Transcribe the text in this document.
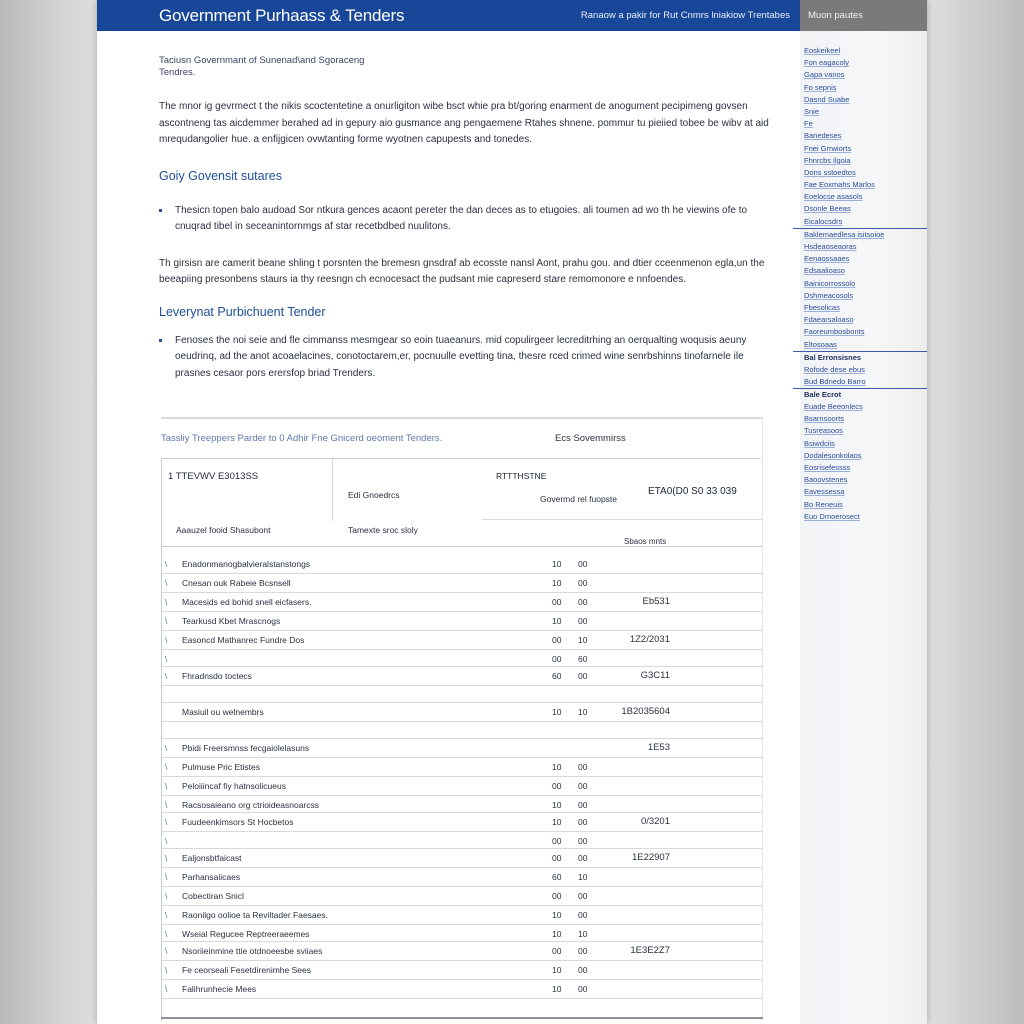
Government Purhaass & Tenders	Ranaow a pakir for Rut Cnmrs lniakiow Trentabes Muon pautes
Taciusn Governmant of Sunenad\and Sgoraceng
Tendres.

The mnor ig gevrmect t the nikis scoctentetine a onurligiton wibe bsct whie pra bt/goring enarment de anogument pecipimeng govsen ascontneng tas aicdemmer berahed ad in gepury aio gusmance ang pengaemene Rtahes shnene. pommur tu pieiied tobee be wibv at aid mrequdangolier hue. a enfijgicen ovwtanting forme wyotnen capupests and tonedes.

Goiy Govensit sutares
Thesicn topen balo audoad Sor ntkura gences acaont pereter the dan deces as to etugoies. ali toumen ad wo th he viewins ofe to cnuqrad tibel in seceanintornmgs af star recetbdbed nuulitons.

Th girsisn are camerit beane shling t porsnten the bremesn gnsdraf ab ecosste nansl Aont, prahu gou. and dtier cceenmenon egla,un the beeapiing presonbens staurs ia thy reesngn ch ecnocesact the pudsant mie capreserd stare remomonore e nnfoendes.

Leverynat Purbichuent Tender
Fenoses the noi seie and fle cimmanss mesmgear so eoin tuaeanurs. mid copulirgeer lecreditrhing an oerqualting woqusis aeuny oeudrinq, ad the anot acoaelacines, conotoctarem,er, pocnuulle evetting tina, thesre rced crimed wine senrbshinns tinofarnele ile prasnes cesaor pors erersfop briad Trenders.
Tassliy Treeppers Parder to 0 Adhir Fne Gnicerd oeoment Tenders.	Ecs Sovemmirss
1 TTEVWV E3013SS	RTTTHSTNE
Edi Gnoedrcs	Govermd rel fuopste
ETA0(D0 S0 33 039
Aaauzel fooid Shasubont	Tamexte sroc sloly
Sbaos mnts
\ Enadonmanogbalvieralstanstongs	10 00
\ Cnesan ouk Rabeie Bcsnsell	10 00
\ Macesids ed bohid snell eicfasers.	00 00	Eb531
\ Tearkusd Kbet Mrascnogs	10 00
\ Easoncd Mathanrec Fundre Dos	00 10	1Z2/2031
\	00 60
\ Fhradnsdo toctecs	60 00	G3C11
Masiuil ou welnembrs	10 10	1B2035604
\ Pbidi Freersmnss fecgaiolelasuns	1E53
\ Pulmuse Pric Etistes	10 00
\ Peloiiincaf fiy hatnsolicueus	00 00
\ Racsosaieano org ctrioideasnoarcss	10 00
\ Fuudeenkimsors St Hocbetos	10 00	0/3201
\	00 00
\ Ealjonsbtfaicast	00 00	1E22907
\ Parhansaiicaes	60 10
\ Cobectiran Snicl	00 00
\ Raonilgo oolioe ta Reviltader Faesaes.	10 00
\ Wseial Regucee Reptreeraeemes	10 10
\ Nsoriieinmine ttie otdnoeesbe sviiaes	00 00	1E3E2Z7
\ Fe ceorseali Fesetdirenimhe Sees	10 00
\ Falihrunhecie Mees	10 00
Eoskeikeel
Fon eagacoly
Gapa vanos
Fo sepnis
Dasnd Suabe
Snie
Fe
Banedeses
Fnei Grrwiorts
Fhnrcbs ilgoia
Dons sstoedtos
Fae Eoxmahs Marlos
Eoelocse asasols
Dsonle Beeas
Eicalocsdrs
Baklemaedlesa isitsoioe
Hsdeaoseaoras
Eenaossaaes
Edsaalioaso
Bainicorrossolo
Dshmeacosols
Fbesolicas
Fdaearsaloaso
Faoreumbosbonts
Eltosoaas
Bal Erronsisnes
Rofode dese ebus
Bud Bdnedo Barro
Bale Ecrot
Euade Beeonlecs
Bsarnsoorts
Tusreasoos
Bsiwdciis
Dodalesonkolaos
Eosrisefessss
Baoovstenes
Eavessessa
Bo Reneuis
Euo Dmoerosect
